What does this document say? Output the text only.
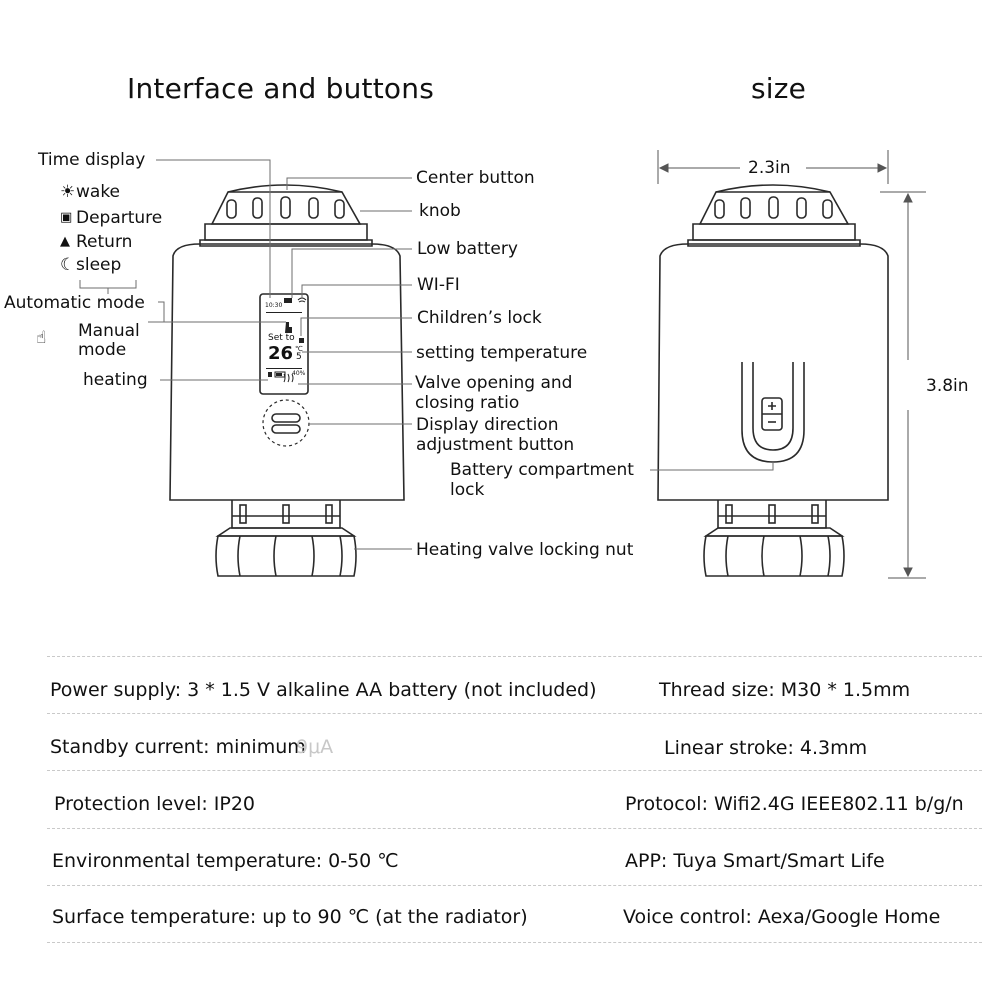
Interface and buttons	size
Time display
☀ wake
▣ Departure
▲ Return
☾ sleep
Automatic mode
☝ Manual
mode
heating
10:30
Set to
26 ℃
5
40%
Center button
knob
Low battery
WI-FI
Children’s lock
setting temperature
Valve opening and
closing ratio
Display direction
adjustment button
Battery compartment
lock
Heating valve locking nut
2.3in
3.8in
Power supply: 3 * 1.5 V alkaline AA battery (not included)	Thread size: M30 * 1.5mm
Standby current: minimum
9μA	Linear stroke: 4.3mm
Protection level: IP20	Protocol: Wifi2.4G IEEE802.11 b/g/n
Environmental temperature: 0-50 ℃	APP: Tuya Smart/Smart Life
Surface temperature: up to 90 ℃ (at the radiator)	Voice control: Aexa/Google Home
